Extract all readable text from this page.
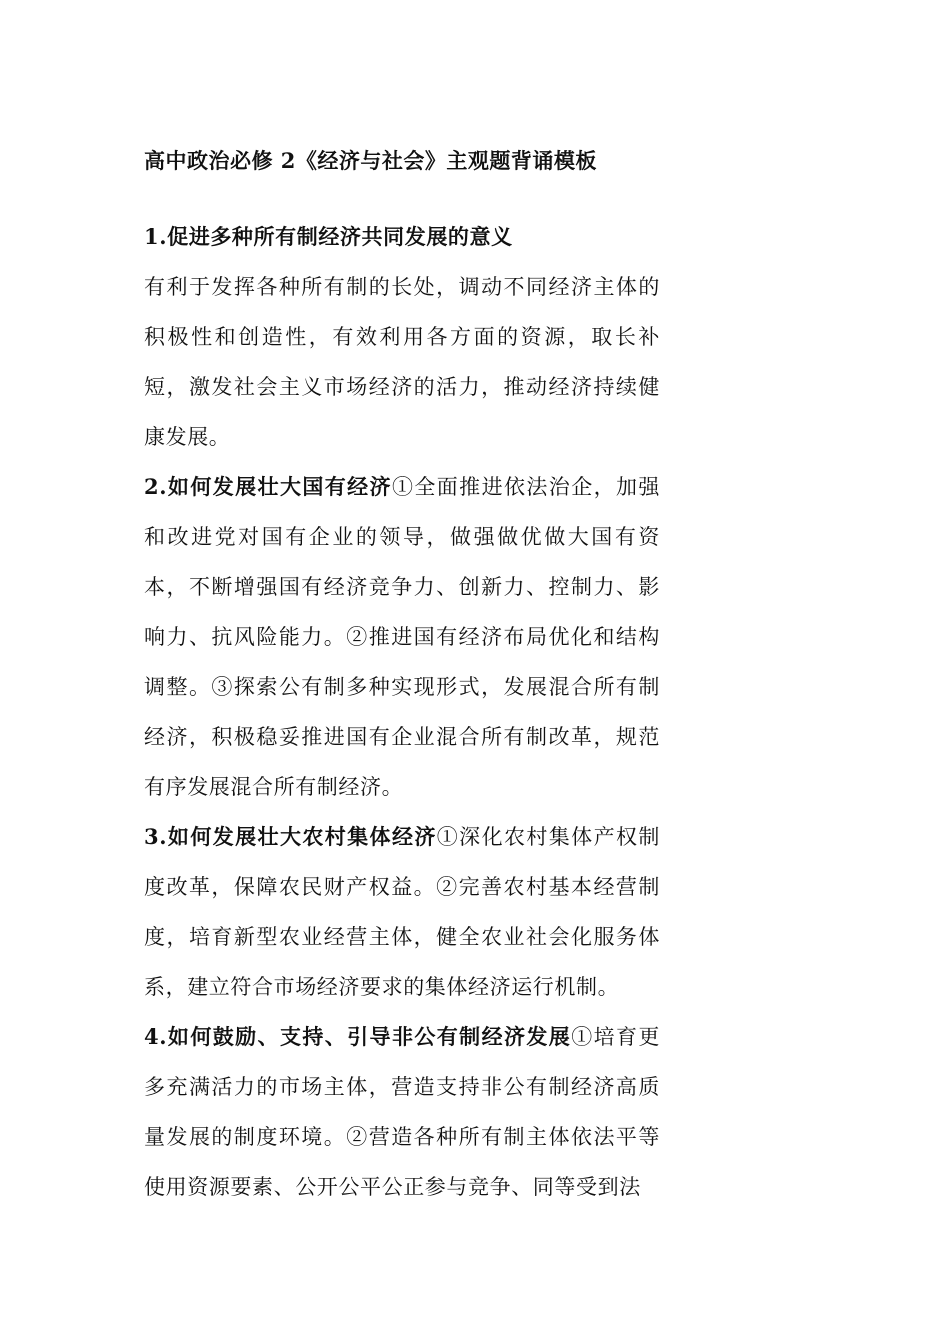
高中政治必修 2《经济与社会》主观题背诵模板
1.促进多种所有制经济共同发展的意义
有利于发挥各种所有制的长处，调动不同经济主体的积极性和创造性，有效利用各方面的资源，取长补短，激发社会主义市场经济的活力，推动经济持续健康发展。
2.如何发展壮大国有经济①全面推进依法治企，加强和改进党对国有企业的领导，做强做优做大国有资本，不断增强国有经济竞争力、创新力、控制力、影响力、抗风险能力。②推进国有经济布局优化和结构调整。③探索公有制多种实现形式，发展混合所有制经济，积极稳妥推进国有企业混合所有制改革，规范有序发展混合所有制经济。
3.如何发展壮大农村集体经济①深化农村集体产权制度改革，保障农民财产权益。②完善农村基本经营制度，培育新型农业经营主体，健全农业社会化服务体系，建立符合市场经济要求的集体经济运行机制。
4.如何鼓励、支持、引导非公有制经济发展①培育更多充满活力的市场主体，营造支持非公有制经济高质量发展的制度环境。②营造各种所有制主体依法平等使用资源要素、公开公平公正参与竞争、同等受到法
